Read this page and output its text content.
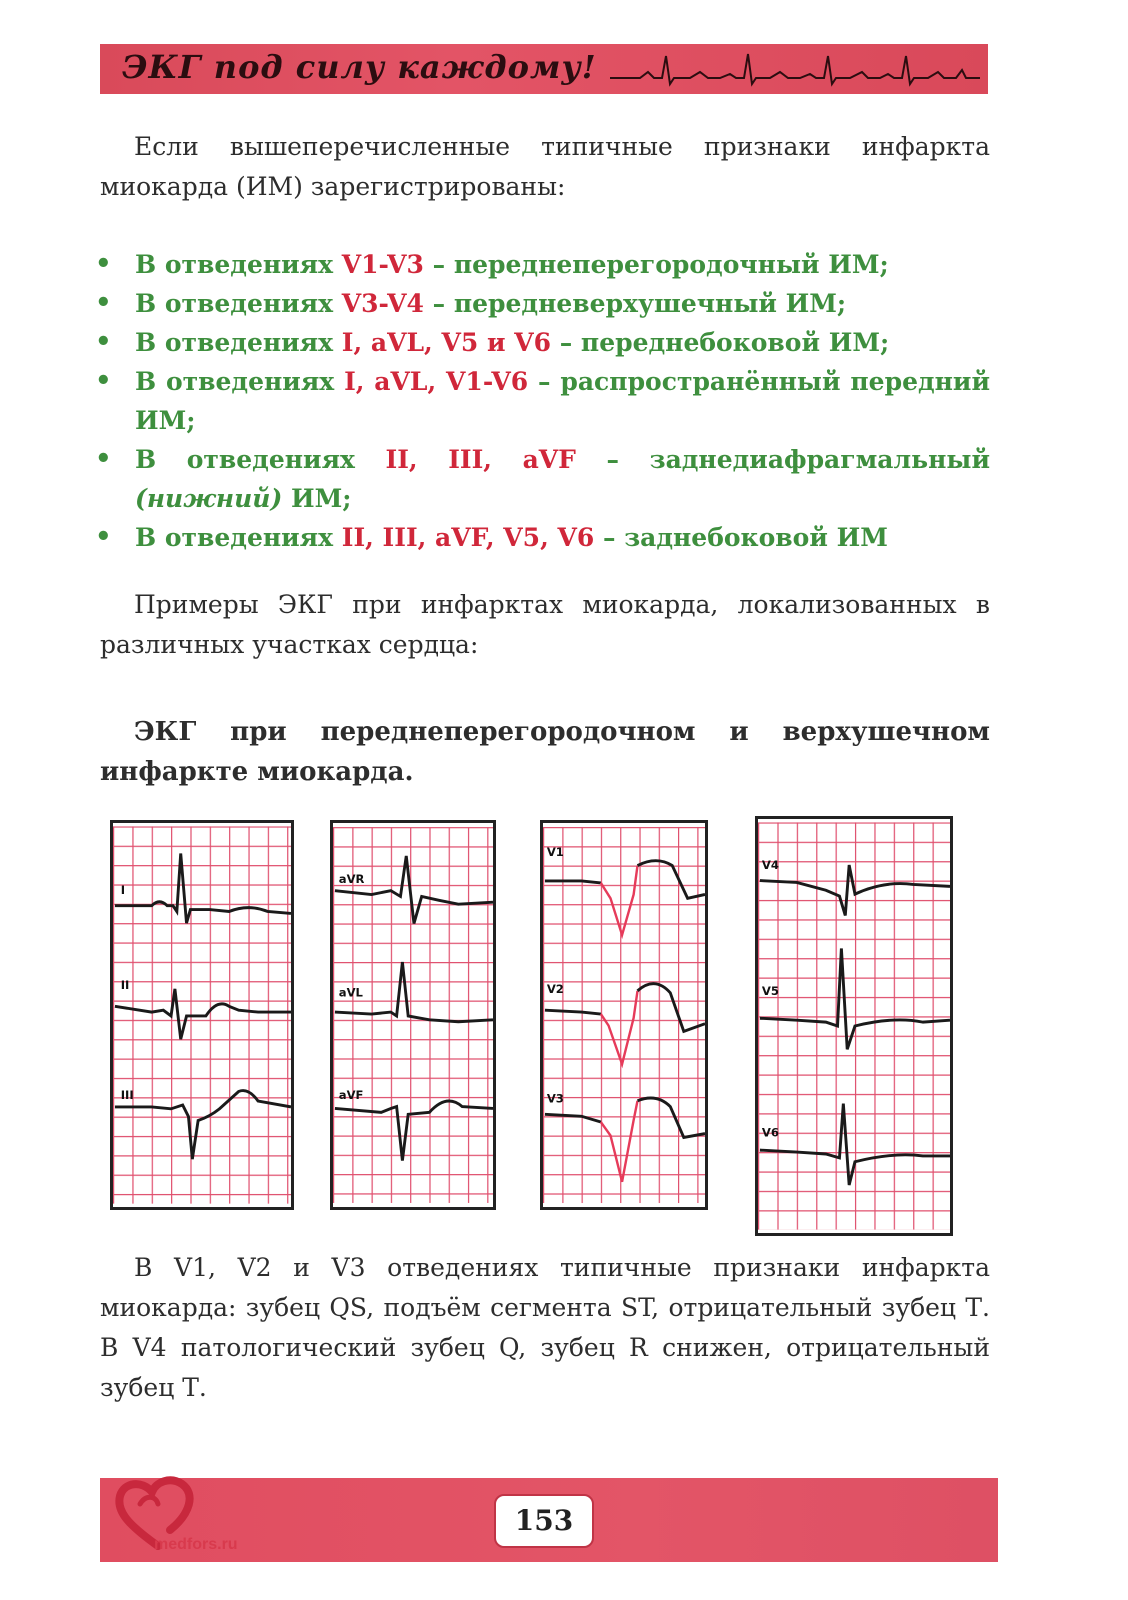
ЭКГ под силу каждому!

Если вышеперечисленные типичные признаки инфаркта миокарда (ИМ) зарегистрированы:

• В отведениях V1-V3 – переднеперегородочный ИМ;
• В отведениях V3-V4 – передневерхушечный ИМ;
• В отведениях I, aVL, V5 и V6 – переднебоковой ИМ;
• В отведениях I, aVL, V1-V6 – распространённый передний ИМ;
• В отведениях II, III, aVF – заднедиафрагмальный (нижний) ИМ;
• В отведениях II, III, aVF, V5, V6 – заднебоковой ИМ

Примеры ЭКГ при инфарктах миокарда, локализованных в различных участках сердца:

ЭКГ при переднеперегородочном и верхушечном инфаркте миокарда.

I
II
III
aVR
aVL
aVF
V1
V2
V3
V4
V5
V6

В V1, V2 и V3 отведениях типичные признаки инфаркта миокарда: зубец QS, подъём сегмента ST, отрицательный зубец Т. В V4 патологический зубец Q, зубец R снижен, отрицательный зубец Т.

153
medfors.ru
